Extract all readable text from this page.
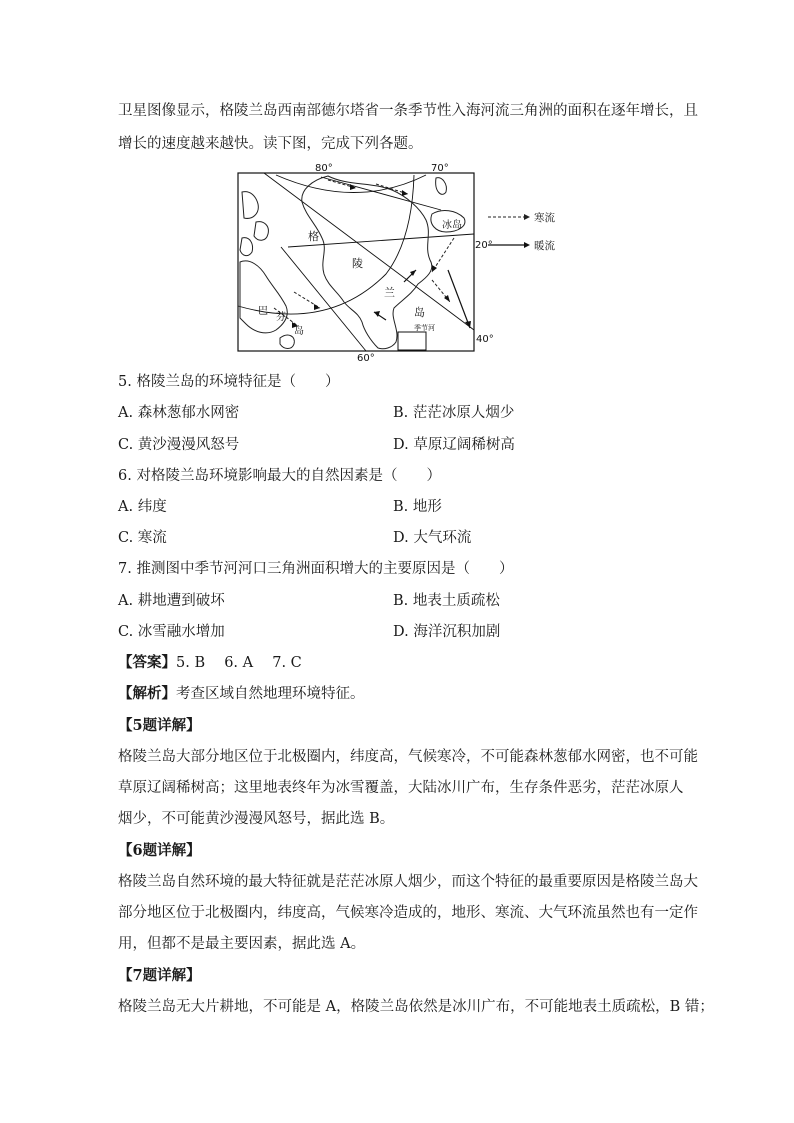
卫星图像显示，格陵兰岛西南部德尔塔省一条季节性入海河流三角洲的面积在逐年增长，且
增长的速度越来越快。读下图，完成下列各题。
80°	70°
20°
40°
60°
格
陵
兰
岛
冰岛
季节河
巴
芬
岛
寒流
暖流
5. 格陵兰岛的环境特征是（　　）
A. 森林葱郁水网密	B. 茫茫冰原人烟少
C. 黄沙漫漫风怒号	D. 草原辽阔稀树高
6. 对格陵兰岛环境影响最大的自然因素是（　　）
A. 纬度	B. 地形
C. 寒流	D. 大气环流
7. 推测图中季节河河口三角洲面积增大的主要原因是（　　）
A. 耕地遭到破坏	B. 地表土质疏松
C. 冰雪融水增加	D. 海洋沉积加剧
【答案】5. B　 6. A　 7. C
【解析】考查区域自然地理环境特征。
【5题详解】
格陵兰岛大部分地区位于北极圈内，纬度高，气候寒冷，不可能森林葱郁水网密，也不可能
草原辽阔稀树高；这里地表终年为冰雪覆盖，大陆冰川广布，生存条件恶劣，茫茫冰原人
烟少，不可能黄沙漫漫风怒号，据此选 B。
【6题详解】
格陵兰岛自然环境的最大特征就是茫茫冰原人烟少，而这个特征的最重要原因是格陵兰岛大
部分地区位于北极圈内，纬度高，气候寒冷造成的，地形、寒流、大气环流虽然也有一定作
用，但都不是最主要因素，据此选 A。
【7题详解】
格陵兰岛无大片耕地，不可能是 A，格陵兰岛依然是冰川广布，不可能地表土质疏松，B 错；
